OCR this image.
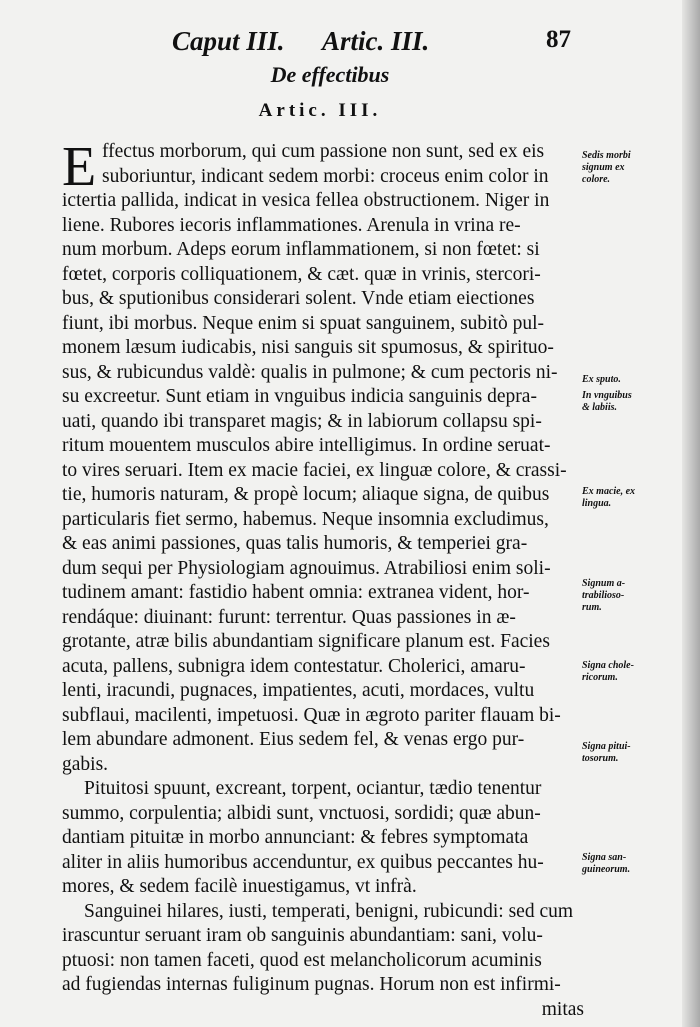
Caput III. Artic. III.	87
De effectibus
Artic. III.
E ffectus morborum, qui cum passione non sunt, sed ex eis
suboriuntur, indicant sedem morbi: croceus enim color in
ictertia pallida, indicat in vesica fellea obstructionem. Niger in
liene. Rubores iecoris inflammationes. Arenula in vrina re-
num morbum. Adeps eorum inflammationem, si non fœtet: si
fœtet, corporis colliquationem, & cæt. quæ in vrinis, stercori-
bus, & sputionibus considerari solent. Vnde etiam eiectiones
fiunt, ibi morbus. Neque enim si spuat sanguinem, subitò pul-
monem læsum iudicabis, nisi sanguis sit spumosus, & spirituo-
sus, & rubicundus valdè: qualis in pulmone; & cum pectoris ni-
su excreetur. Sunt etiam in vnguibus indicia sanguinis depra-
uati, quando ibi transparet magis; & in labiorum collapsu spi-
ritum mouentem musculos abire intelligimus. In ordine seruat-
to vires seruari. Item ex macie faciei, ex linguæ colore, & crassi-
tie, humoris naturam, & propè locum; aliaque signa, de quibus
particularis fiet sermo, habemus. Neque insomnia excludimus,
& eas animi passiones, quas talis humoris, & temperiei gra-
dum sequi per Physiologiam agnouimus. Atrabiliosi enim soli-
tudinem amant: fastidio habent omnia: extranea vident, hor-
rendáque: diuinant: furunt: terrentur. Quas passiones in æ-
grotante, atræ bilis abundantiam significare planum est. Facies
acuta, pallens, subnigra idem contestatur. Cholerici, amaru-
lenti, iracundi, pugnaces, impatientes, acuti, mordaces, vultu
subflaui, macilenti, impetuosi. Quæ in ægroto pariter flauam bi-
lem abundare admonent. Eius sedem fel, & venas ergo pur-
gabis.
Pituitosi spuunt, excreant, torpent, ociantur, tædio tenentur
summo, corpulentia; albidi sunt, vnctuosi, sordidi; quæ abun-
dantiam pituitæ in morbo annunciant: & febres symptomata
aliter in aliis humoribus accenduntur, ex quibus peccantes hu-
mores, & sedem facilè inuestigamus, vt infrà.
Sanguinei hilares, iusti, temperati, benigni, rubicundi: sed cum
irascuntur seruant iram ob sanguinis abundantiam: sani, volu-
ptuosi: non tamen faceti, quod est melancholicorum acuminis
ad fugiendas internas fuliginum pugnas. Horum non est infirmi-
mitas
Sedis morbi
signum ex
colore.
Ex sputo.
In vnguibus
& labiis.
Ex macie, ex
lingua.
Signum a-
trabilioso-
rum.
Signa chole-
ricorum.
Signa pitui-
tosorum.
Signa san-
guineorum.
